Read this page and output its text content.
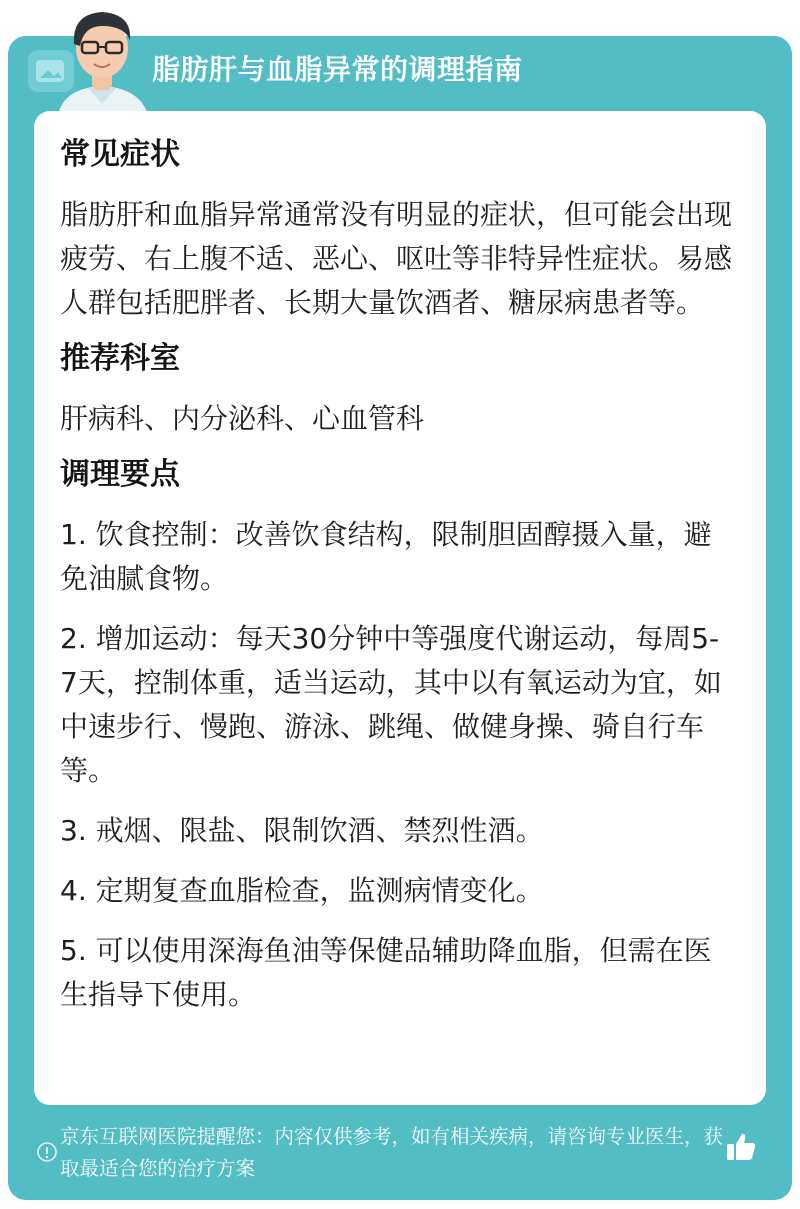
脂肪肝与血脂异常的调理指南
常见症状
脂肪肝和血脂异常通常没有明显的症状，但可能会出现疲劳、右上腹不适、恶心、呕吐等非特异性症状。易感人群包括肥胖者、长期大量饮酒者、糖尿病患者等。
推荐科室
肝病科、内分泌科、心血管科
调理要点
1. 饮食控制：改善饮食结构，限制胆固醇摄入量，避免油腻食物。
2. 增加运动：每天30分钟中等强度代谢运动，每周5-7天，控制体重，适当运动，其中以有氧运动为宜，如中速步行、慢跑、游泳、跳绳、做健身操、骑自行车等。
3. 戒烟、限盐、限制饮酒、禁烈性酒。
4. 定期复查血脂检查，监测病情变化。
5. 可以使用深海鱼油等保健品辅助降血脂，但需在医生指导下使用。
京东互联网医院提醒您：内容仅供参考，如有相关疾病，请咨询专业医生，获取最适合您的治疗方案
